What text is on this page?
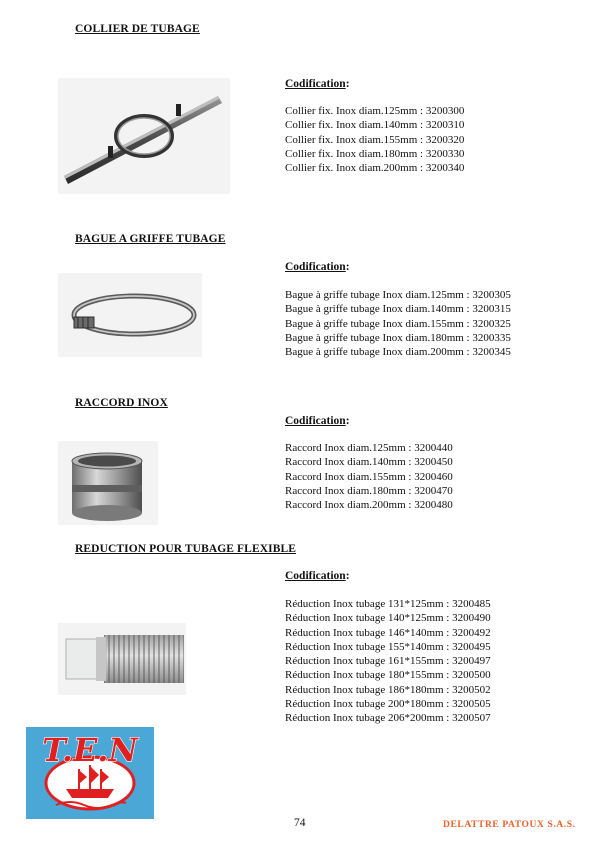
COLLIER DE TUBAGE
Codification:
Collier fix. Inox diam.125mm : 3200300
Collier fix. Inox diam.140mm : 3200310
Collier fix. Inox diam.155mm : 3200320
Collier fix. Inox diam.180mm : 3200330
Collier fix. Inox diam.200mm : 3200340
BAGUE A GRIFFE TUBAGE
Codification:
Bague à griffe tubage Inox diam.125mm : 3200305
Bague à griffe tubage Inox diam.140mm : 3200315
Bague à griffe tubage Inox diam.155mm : 3200325
Bague à griffe tubage Inox diam.180mm : 3200335
Bague à griffe tubage Inox diam.200mm : 3200345
RACCORD INOX
Codification:
Raccord Inox diam.125mm : 3200440
Raccord Inox diam.140mm : 3200450
Raccord Inox diam.155mm : 3200460
Raccord Inox diam.180mm : 3200470
Raccord Inox diam.200mm : 3200480
REDUCTION POUR TUBAGE FLEXIBLE
Codification:
Réduction Inox tubage 131*125mm : 3200485
Réduction Inox tubage 140*125mm : 3200490
Réduction Inox tubage 146*140mm : 3200492
Réduction Inox tubage 155*140mm : 3200495
Réduction Inox tubage 161*155mm : 3200497
Réduction Inox tubage 180*155mm : 3200500
Réduction Inox tubage 186*180mm : 3200502
Réduction Inox tubage 200*180mm : 3200505
Réduction Inox tubage 206*200mm : 3200507
T.E.N
74	DELATTRE PATOUX S.A.S.
